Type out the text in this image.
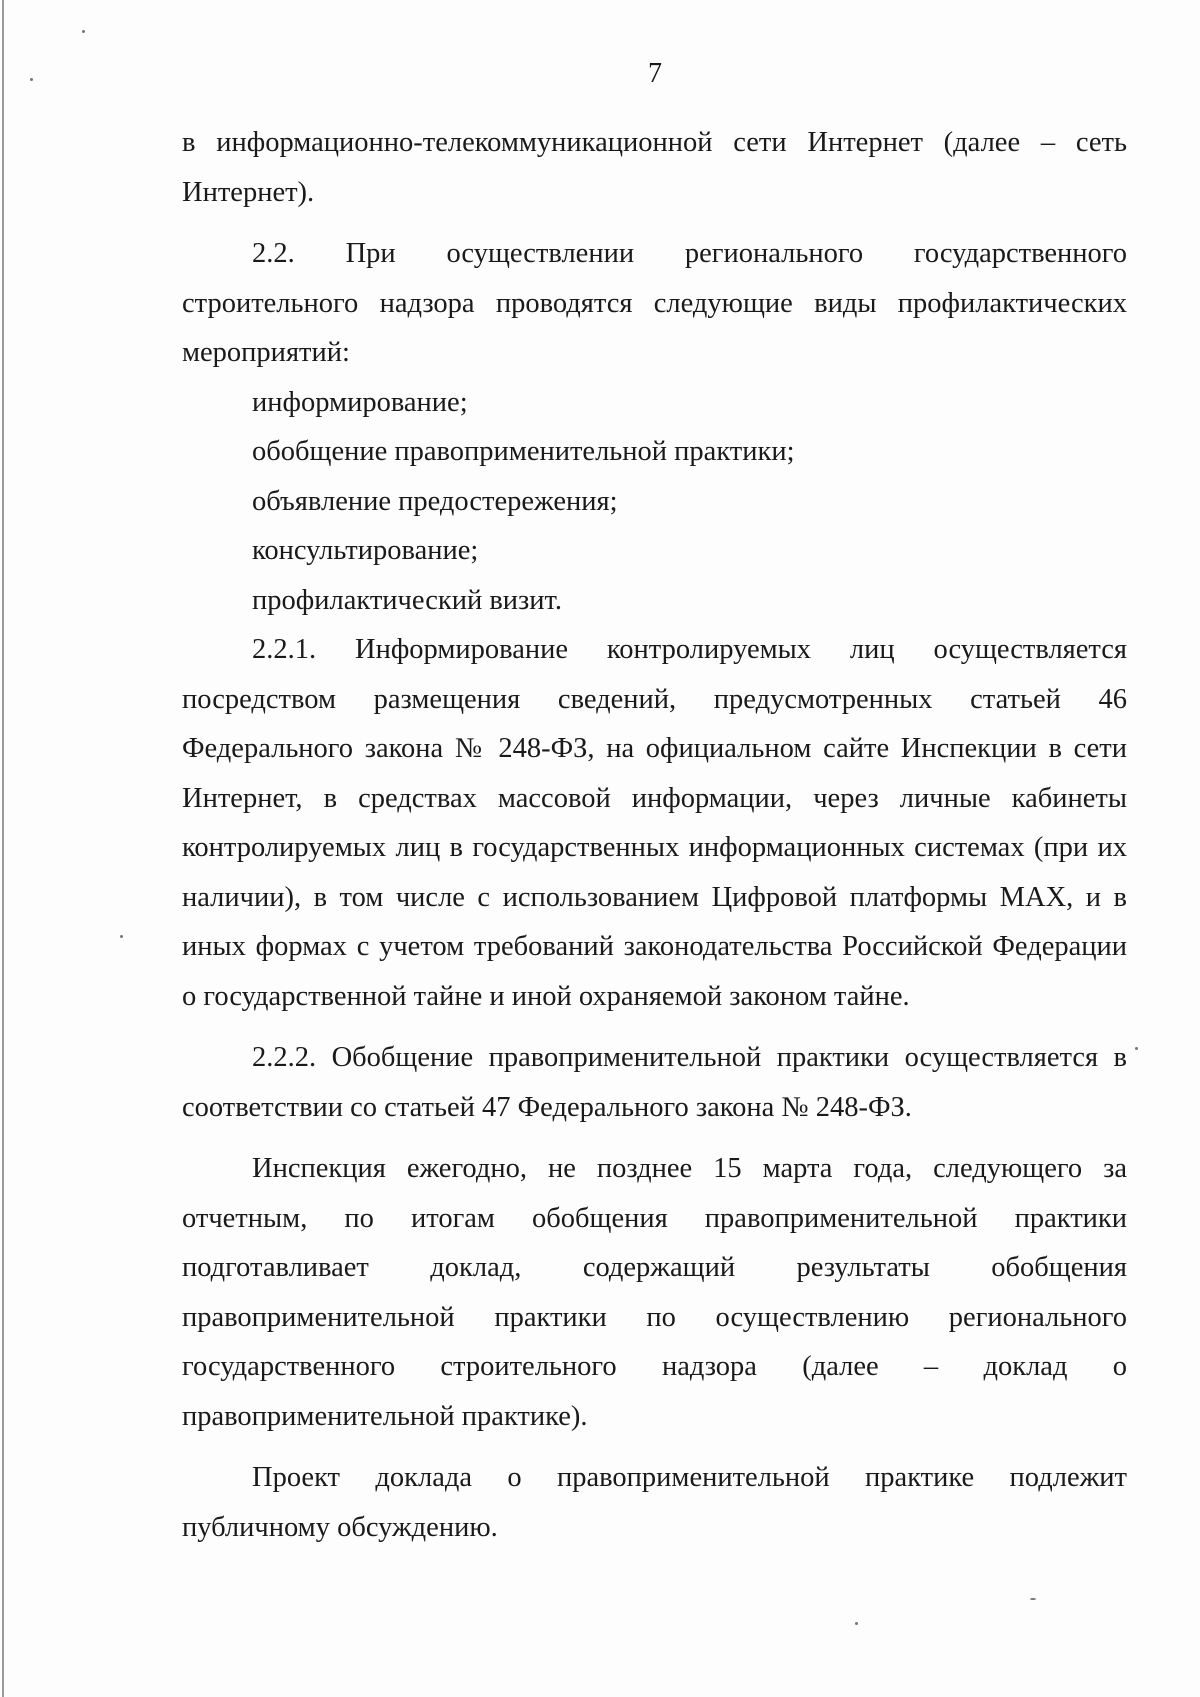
7

в информационно-телекоммуникационной сети Интернет (далее – сеть Интернет).

2.2. При осуществлении регионального государственного строительного надзора проводятся следующие виды профилактических мероприятий:

информирование;

обобщение правоприменительной практики;

объявление предостережения;

консультирование;

профилактический визит.

2.2.1. Информирование контролируемых лиц осуществляется посредством размещения сведений, предусмотренных статьей 46 Федерального закона № 248-ФЗ, на официальном сайте Инспекции в сети Интернет, в средствах массовой информации, через личные кабинеты контролируемых лиц в государственных информационных системах (при их наличии), в том числе с использованием Цифровой платформы MAX, и в иных формах с учетом требований законодательства Российской Федерации о государственной тайне и иной охраняемой законом тайне.

2.2.2. Обобщение правоприменительной практики осуществляется в соответствии со статьей 47 Федерального закона № 248-ФЗ.

Инспекция ежегодно, не позднее 15 марта года, следующего за отчетным, по итогам обобщения правоприменительной практики подготавливает доклад, содержащий результаты обобщения правоприменительной практики по осуществлению регионального государственного строительного надзора (далее – доклад о правоприменительной практике).

Проект доклада о правоприменительной практике подлежит публичному обсуждению.
